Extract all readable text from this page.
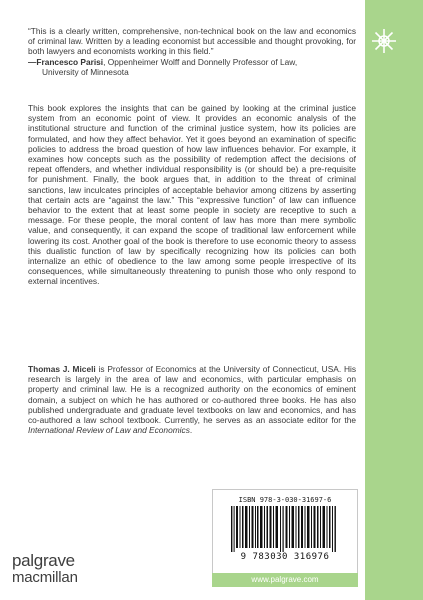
“This is a clearly written, comprehensive, non-technical book on the law and economics of criminal law. Written by a leading economist but accessible and thought provoking, for both lawyers and economists working in this field.”

—Francesco Parisi, Oppenheimer Wolff and Donnelly Professor of Law,
University of Minnesota

This book explores the insights that can be gained by looking at the criminal justice system from an economic point of view. It provides an economic analysis of the institutional structure and function of the criminal justice system, how its policies are formulated, and how they affect behavior. Yet it goes beyond an examination of specific policies to address the broad question of how law influences behavior. For example, it examines how concepts such as the possibility of redemption affect the decisions of repeat offenders, and whether individual responsibility is (or should be) a pre-requisite for punishment. Finally, the book argues that, in addition to the threat of criminal sanctions, law inculcates principles of acceptable behavior among citizens by asserting that certain acts are “against the law.” This “expressive function” of law can influence behavior to the extent that at least some people in society are receptive to such a message. For these people, the moral content of law has more than mere symbolic value, and consequently, it can expand the scope of traditional law enforcement while lowering its cost. Another goal of the book is therefore to use economic theory to assess this dualistic function of law by specifically recognizing how its policies can both internalize an ethic of obedience to the law among some people irrespective of its consequences, while simultaneously threatening to punish those who only respond to external incentives.

Thomas J. Miceli is Professor of Economics at the University of Connecticut, USA. His research is largely in the area of law and economics, with particular emphasis on property and criminal law. He is a recognized authority on the economics of eminent domain, a subject on which he has authored or co-authored three books. He has also published undergraduate and graduate level textbooks on law and economics, and has co-authored a law school textbook. Currently, he serves as an associate editor for the International Review of Law and Economics.

ISBN 978-3-030-31697-6
9 783030 316976
www.palgrave.com
palgrave
macmillan
